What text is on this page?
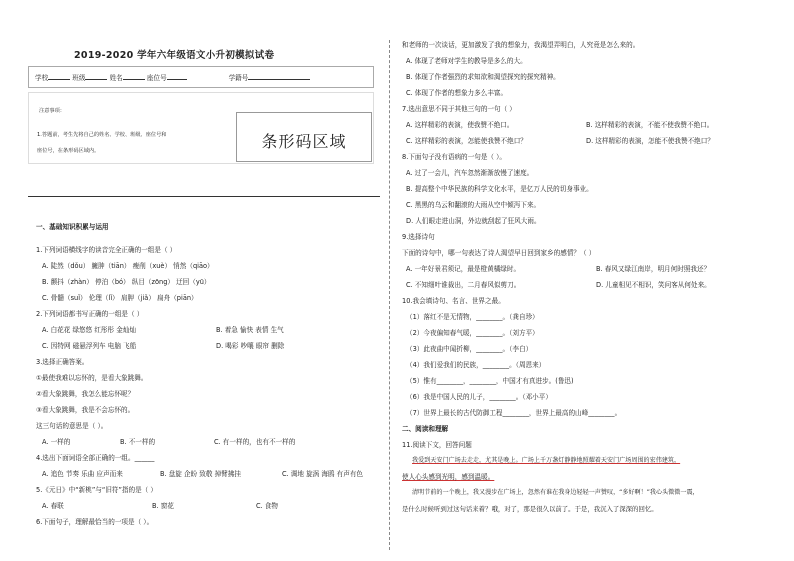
2019-2020 学年六年级语文小升初模拟试卷
学校	班级	姓名	座位号	学籍号
注意事项：
1.答题前，考生先将自己的姓名、学校、班级、座位号和
座位号，在条形码区域内。	条形码区域
一、基础知识积累与运用
1.下列词语横线字的读音完全正确的一组是（ ）
A. 陡然（dǒu） 臃肿（tiān） 瘦削（xuè） 悄然（qiāo）
B. 颤抖（zhàn） 停泊（bó） 纵目（zōng） 迂回（yū）
C. 骨髓（suǐ） 伦理（lǐ） 肩胛（jiǎ） 扁舟（piān）
2.下列词语都书写正确的一组是（ ）
A. 白花花 绿悠悠 红彤彤 金灿灿	B. 着急 愉快 表情 生气
C. 因特网 磁悬浮列车 电脑 飞船	D. 喝彩 吵嚷 眼帘 删除
3.选择正确答案。
①最使我难以忘怀的，是看大象跳舞。
②看大象跳舞，我怎么能忘怀呢？
③看大象跳舞，我是不会忘怀的。
这三句话的意思是（ ）。
A. 一样的	B. 不一样的	C. 有一样的，也有不一样的
4.选出下面词语全部正确的一组。______
A. 追色 节奏 乐曲 应声而来	B. 盘旋 企盼 致敬 掉臂拂挂	C. 调地 旋涡 海鸥 有声有色
5.《元日》中“新桃”与“旧符”指的是（ ）
A. 春联	B. 窗花	C. 食物
6.下面句子，理解最恰当的一项是（ ）。
和老师的一次谈话，更加激发了我的想象力，我渴望弄明白，人究竟是怎么来的。
A. 体现了老师对学生的教导是多么的大。
B. 体现了作者强烈的求知欲和渴望探究的探究精神。
C. 体现了作者的想象力多么丰富。
7.选出意思不同于其他三句的一句（ ）
A. 这样精彩的表演，使我赞不绝口。	B. 这样精彩的表演，不能不使我赞不绝口。
C. 这样精彩的表演，怎能使我赞不绝口？	D. 这样精彩的表演，怎能不使我赞不绝口？
8.下面句子没有语病的一句是（ ）。
A. 过了一会儿，汽车忽然渐渐放慢了速度。
B. 提高整个中华民族的科学文化水平，是亿万人民的切身事业。
C. 黑黑的乌云和翻滚的大雨从空中倾泻下来。
D. 人们眼走进山洞，外边就刮起了狂风大雨。
9.选择诗句
下面的诗句中，哪一句表达了诗人渴望早日回到家乡的感情？（ ）
A. 一年好景君须记，最是橙黄橘绿时。	B. 春风又绿江南岸，明月何时照我还？
C. 不知细叶谁裁出，二月春风似剪刀。	D. 儿童相见不相识，笑问客从何处来。
10.我会填诗句、名言、世界之最。
（1）落红不是无情物，________。（龚自珍）
（2）今夜偏知春气暖，________。（刘方平）
（3）此夜曲中闻折柳，________。（李白）
（4）我们爱我们的民族，________。（周恩来）
（5）惟有________，________，中国才有真进步。(鲁迅)
（6）我是中国人民的儿子，________。（邓小平）
（7）世界上最长的古代防御工程________，世界上最高的山峰________。
二、阅读和理解
11.阅读下文，回答问题
我爱到天安门广场去走走，尤其是晚上。广场上千万盏灯静静地照耀着天安门广场周围的宏伟建筑，
使人心头感到光明，感到温暖。
清明节前的一个晚上，我又漫步在广场上，忽然有谁在我身边轻轻一声赞叹，“多好啊！”我心头微微一震，
是什么时候听到过这句话来着？哦，对了，那是很久以前了。于是，我沉入了深深的回忆。
